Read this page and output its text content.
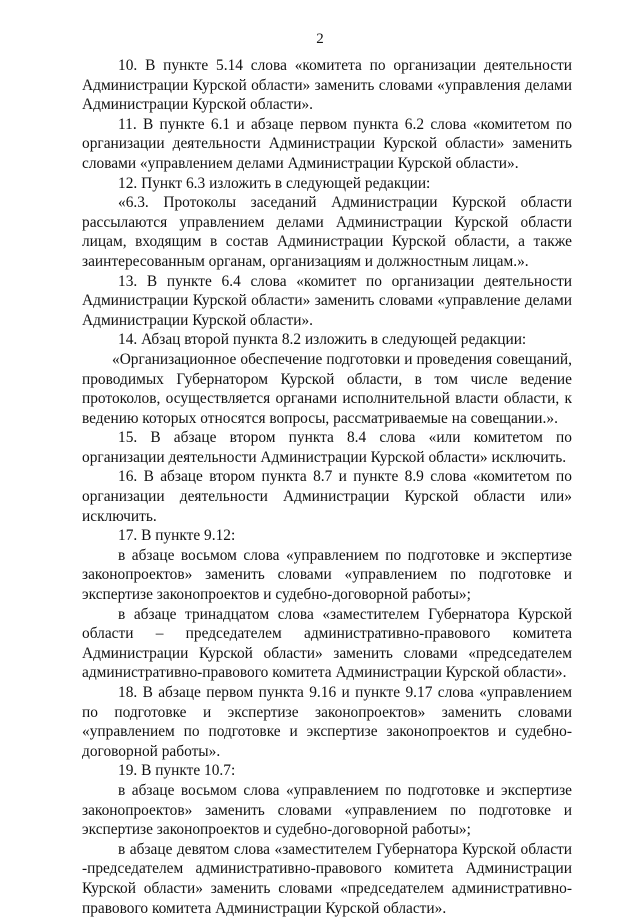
2

10. В пункте 5.14 слова «комитета по организации деятельности Администрации Курской области» заменить словами «управления делами Администрации Курской области».

11. В пункте 6.1 и абзаце первом пункта 6.2 слова «комитетом по организации деятельности Администрации Курской области» заменить словами «управлением делами Администрации Курской области».

12. Пункт 6.3 изложить в следующей редакции:

«6.3. Протоколы заседаний Администрации Курской области рассылаются управлением делами Администрации Курской области лицам, входящим в состав Администрации Курской области, а также заинтересованным органам, организациям и должностным лицам.».

13. В пункте 6.4 слова «комитет по организации деятельности Администрации Курской области» заменить словами «управление делами Администрации Курской области».

14. Абзац второй пункта 8.2 изложить в следующей редакции:

«Организационное обеспечение подготовки и проведения совещаний, проводимых Губернатором Курской области, в том числе ведение протоколов, осуществляется органами исполнительной власти области, к ведению которых относятся вопросы, рассматриваемые на совещании.».

15. В абзаце втором пункта 8.4 слова «или комитетом по организации деятельности Администрации Курской области» исключить.

16. В абзаце втором пункта 8.7 и пункте 8.9 слова «комитетом по организации деятельности Администрации Курской области или» исключить.

17. В пункте 9.12:

в абзаце восьмом слова «управлением по подготовке и экспертизе законопроектов» заменить словами «управлением по подготовке и экспертизе законопроектов и судебно-договорной работы»;

в абзаце тринадцатом слова «заместителем Губернатора Курской области – председателем административно-правового комитета Администрации Курской области» заменить словами «председателем административно-правового комитета Администрации Курской области».

18. В абзаце первом пункта 9.16 и пункте 9.17 слова «управлением по подготовке и экспертизе законопроектов» заменить словами «управлением по подготовке и экспертизе законопроектов и судебно-договорной работы».

19. В пункте 10.7:

в абзаце восьмом слова «управлением по подготовке и экспертизе законопроектов» заменить словами «управлением по подготовке и экспертизе законопроектов и судебно-договорной работы»;

в абзаце девятом слова «заместителем Губернатора Курской области -председателем административно-правового комитета Администрации Курской области» заменить словами «председателем административно-правового комитета Администрации Курской области».
